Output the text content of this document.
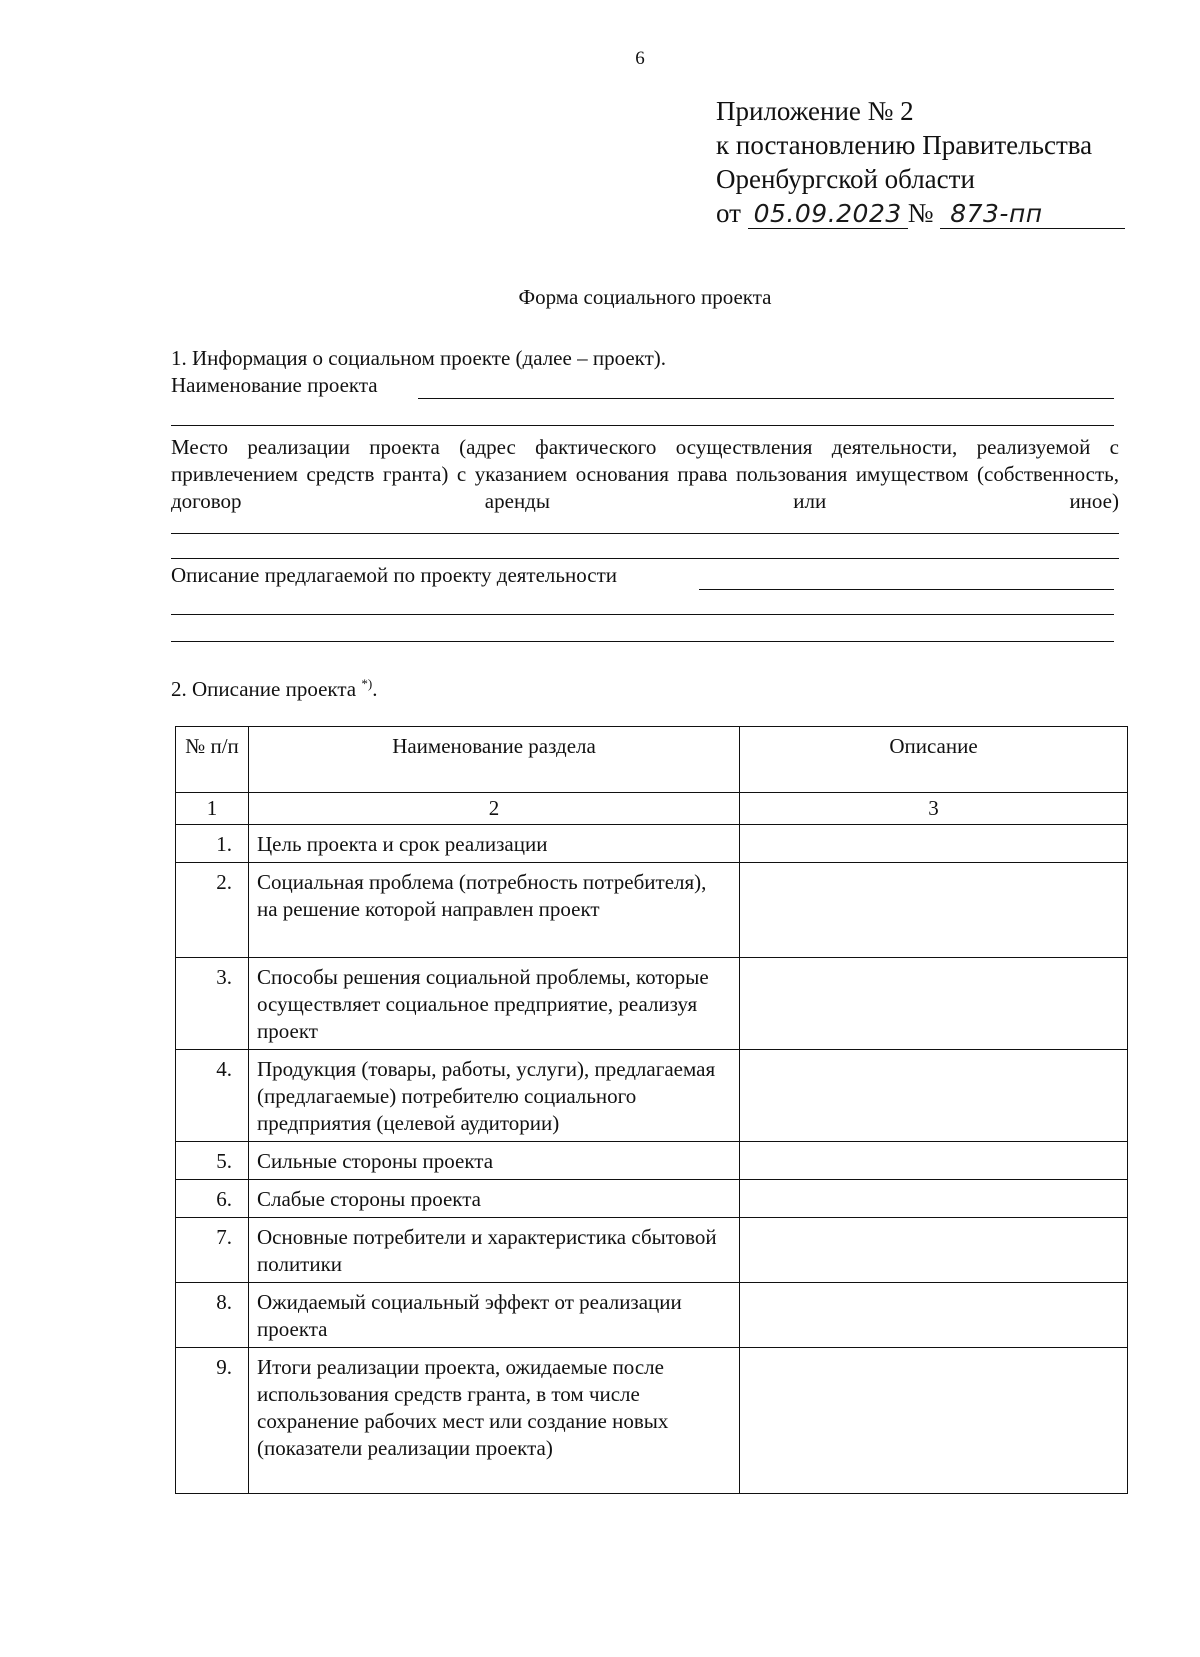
6
Приложение № 2
к постановлению Правительства
Оренбургской области
от 05.09.2023 № 873-пп
Форма социального проекта
1. Информация о социальном проекте (далее – проект).
Наименование проекта
Место реализации проекта (адрес фактического осуществления деятельности, реализуемой с привлечением средств гранта) с указанием основания права пользования имуществом (собственность, договор аренды или иное)
Описание предлагаемой по проекту деятельности
2. Описание проекта *).
№ п/п	Наименование раздела	Описание
1	2	3
1.	Цель проекта и срок реализации	
2.	Социальная проблема (потребность потребителя), на решение которой направлен проект	
3.	Способы решения социальной проблемы, которые осуществляет социальное предприятие, реализуя проект	
4.	Продукция (товары, работы, услуги), предлагаемая (предлагаемые) потребителю социального предприятия (целевой аудитории)	
5.	Сильные стороны проекта	
6.	Слабые стороны проекта	
7.	Основные потребители и характеристика сбытовой политики	
8.	Ожидаемый социальный эффект от реализации проекта	
9.	Итоги реализации проекта, ожидаемые после использования средств гранта, в том числе сохранение рабочих мест или создание новых (показатели реализации проекта)	
